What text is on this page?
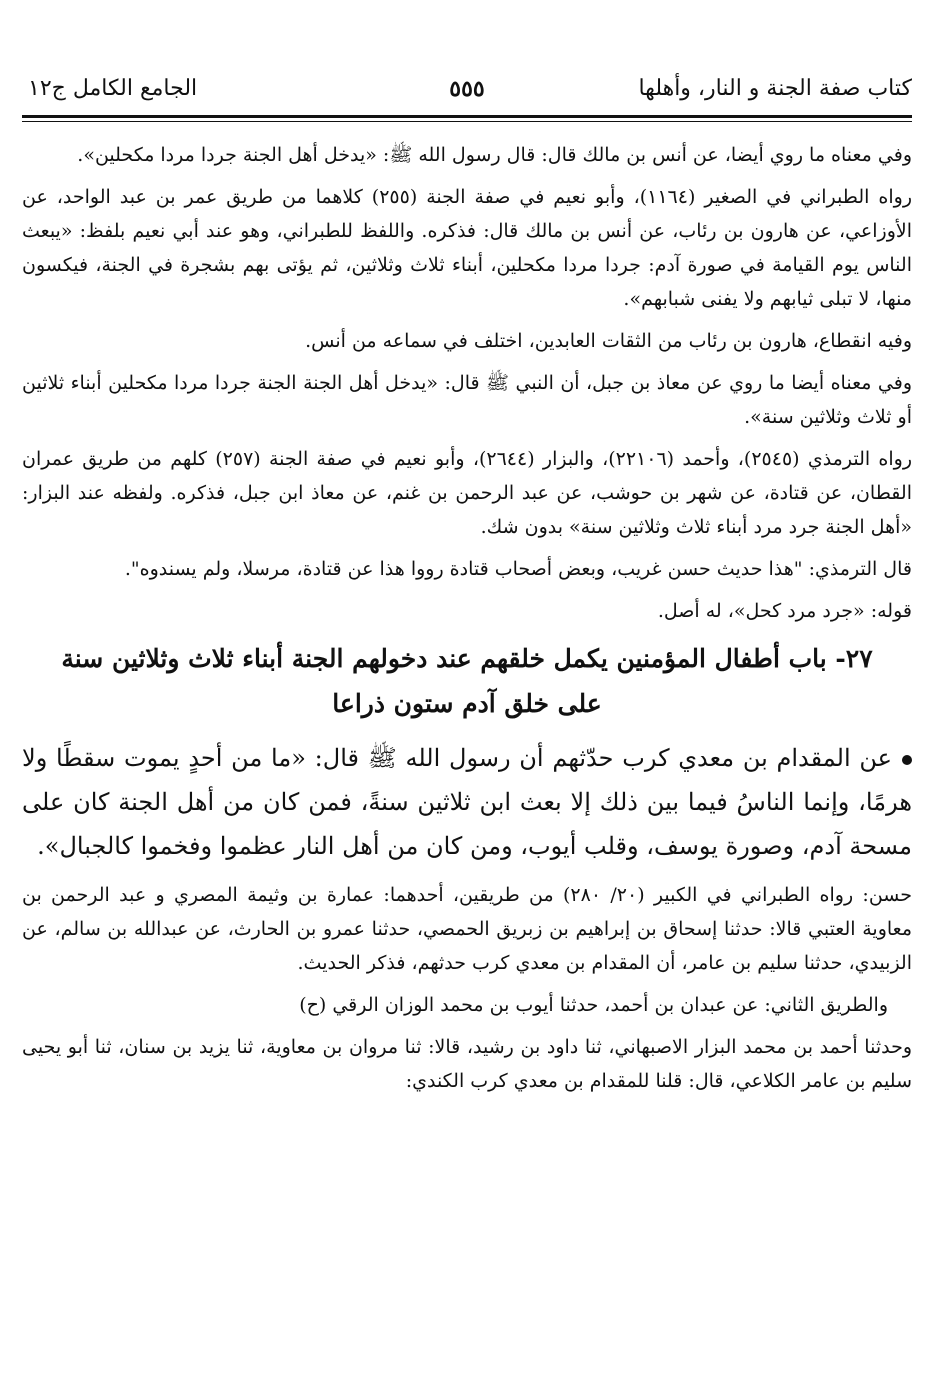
كتاب صفة الجنة و النار، وأهلها
٥٥٥
الجامع الكامل ج١٢

وفي معناه ما روي أيضا، عن أنس بن مالك قال: قال رسول الله ﷺ: «يدخل أهل الجنة جردا مردا مكحلين».

رواه الطبراني في الصغير (١١٦٤)، وأبو نعيم في صفة الجنة (٢٥٥) كلاهما من طريق عمر بن عبد الواحد، عن الأوزاعي، عن هارون بن رئاب، عن أنس بن مالك قال: فذكره. واللفظ للطبراني، وهو عند أبي نعيم بلفظ: «يبعث الناس يوم القيامة في صورة آدم: جردا مردا مكحلين، أبناء ثلاث وثلاثين، ثم يؤتى بهم بشجرة في الجنة، فيكسون منها، لا تبلى ثيابهم ولا يفنى شبابهم».

وفيه انقطاع، هارون بن رئاب من الثقات العابدين، اختلف في سماعه من أنس.

وفي معناه أيضا ما روي عن معاذ بن جبل، أن النبي ﷺ قال: «يدخل أهل الجنة الجنة جردا مردا مكحلين أبناء ثلاثين أو ثلاث وثلاثين سنة».

رواه الترمذي (٢٥٤٥)، وأحمد (٢٢١٠٦)، والبزار (٢٦٤٤)، وأبو نعيم في صفة الجنة (٢٥٧) كلهم من طريق عمران القطان، عن قتادة، عن شهر بن حوشب، عن عبد الرحمن بن غنم، عن معاذ ابن جبل، فذكره. ولفظه عند البزار: «أهل الجنة جرد مرد أبناء ثلاث وثلاثين سنة» بدون شك.

قال الترمذي: "هذا حديث حسن غريب، وبعض أصحاب قتادة رووا هذا عن قتادة، مرسلا، ولم يسندوه".

قوله: «جرد مرد كحل»، له أصل.

٢٧- باب أطفال المؤمنين يكمل خلقهم عند دخولهم الجنة أبناء ثلاث وثلاثين سنة على خلق آدم ستون ذراعا

عن المقدام بن معدي كرب حدّثهم أن رسول الله ﷺ قال: «ما من أحدٍ يموت سقطًا ولا هرمًا، وإنما الناسُ فيما بين ذلك إلا بعث ابن ثلاثين سنةً، فمن كان من أهل الجنة كان على مسحة آدم، وصورة يوسف، وقلب أيوب، ومن كان من أهل النار عظموا وفخموا كالجبال».

حسن: رواه الطبراني في الكبير (٢٠/ ٢٨٠) من طريقين، أحدهما: عمارة بن وثيمة المصري و عبد الرحمن بن معاوية العتبي قالا: حدثنا إسحاق بن إبراهيم بن زبريق الحمصي، حدثنا عمرو بن الحارث، عن عبدالله بن سالم، عن الزبيدي، حدثنا سليم بن عامر، أن المقدام بن معدي كرب حدثهم، فذكر الحديث.

والطريق الثاني: عن عبدان بن أحمد، حدثنا أيوب بن محمد الوزان الرقي (ح)

وحدثنا أحمد بن محمد البزار الاصبهاني، ثنا داود بن رشيد، قالا: ثنا مروان بن معاوية، ثنا يزيد بن سنان، ثنا أبو يحيى سليم بن عامر الكلاعي، قال: قلنا للمقدام بن معدي كرب الكندي:
